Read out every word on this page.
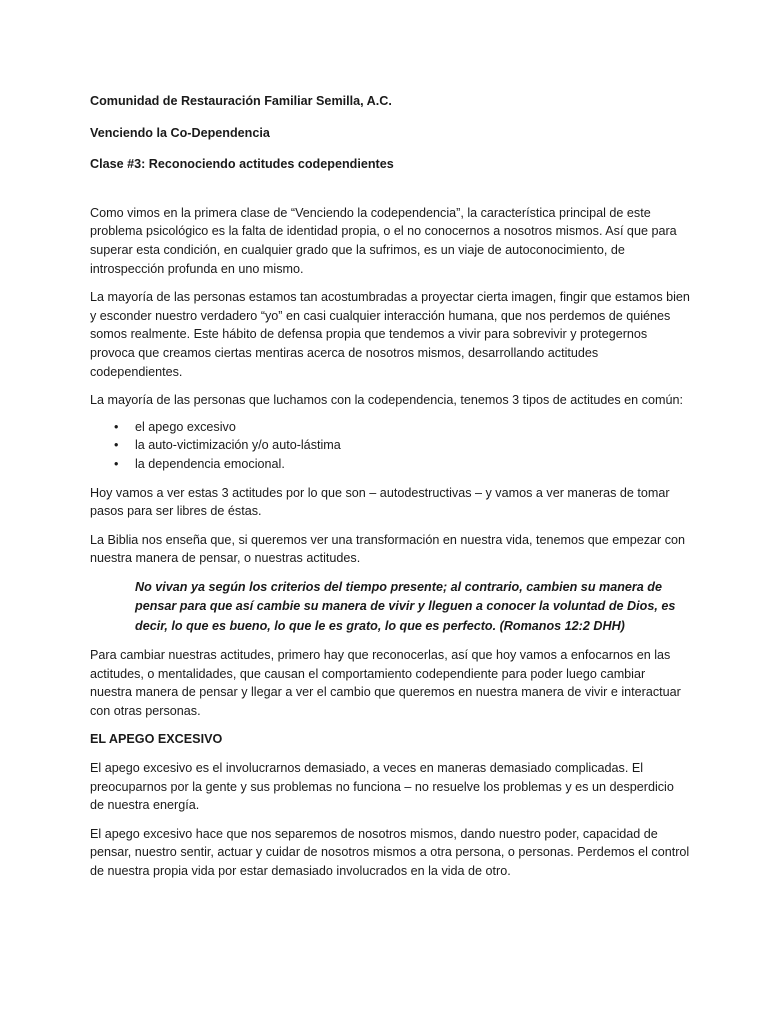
Comunidad de Restauración Familiar Semilla, A.C.
Venciendo la Co-Dependencia
Clase #3: Reconociendo actitudes codependientes

Como vimos en la primera clase de “Venciendo la codependencia”, la característica principal de este problema psicológico es la falta de identidad propia, o el no conocernos a nosotros mismos. Así que para superar esta condición, en cualquier grado que la sufrimos, es un viaje de autoconocimiento, de introspección profunda en uno mismo.

La mayoría de las personas estamos tan acostumbradas a proyectar cierta imagen, fingir que estamos bien y esconder nuestro verdadero “yo” en casi cualquier interacción humana, que nos perdemos de quiénes somos realmente. Este hábito de defensa propia que tendemos a vivir para sobrevivir y protegernos provoca que creamos ciertas mentiras acerca de nosotros mismos, desarrollando actitudes codependientes.

La mayoría de las personas que luchamos con la codependencia, tenemos 3 tipos de actitudes en común:

• el apego excesivo
• la auto-victimización y/o auto-lástima
• la dependencia emocional.

Hoy vamos a ver estas 3 actitudes por lo que son – autodestructivas – y vamos a ver maneras de tomar pasos para ser libres de éstas.

La Biblia nos enseña que, si queremos ver una transformación en nuestra vida, tenemos que empezar con nuestra manera de pensar, o nuestras actitudes.

No vivan ya según los criterios del tiempo presente; al contrario, cambien su manera de pensar para que así cambie su manera de vivir y lleguen a conocer la voluntad de Dios, es decir, lo que es bueno, lo que le es grato, lo que es perfecto. (Romanos 12:2 DHH)

Para cambiar nuestras actitudes, primero hay que reconocerlas, así que hoy vamos a enfocarnos en las actitudes, o mentalidades, que causan el comportamiento codependiente para poder luego cambiar nuestra manera de pensar y llegar a ver el cambio que queremos en nuestra manera de vivir e interactuar con otras personas.

EL APEGO EXCESIVO

El apego excesivo es el involucrarnos demasiado, a veces en maneras demasiado complicadas. El preocuparnos por la gente y sus problemas no funciona – no resuelve los problemas y es un desperdicio de nuestra energía.

El apego excesivo hace que nos separemos de nosotros mismos, dando nuestro poder, capacidad de pensar, nuestro sentir, actuar y cuidar de nosotros mismos a otra persona, o personas. Perdemos el control de nuestra propia vida por estar demasiado involucrados en la vida de otro.
